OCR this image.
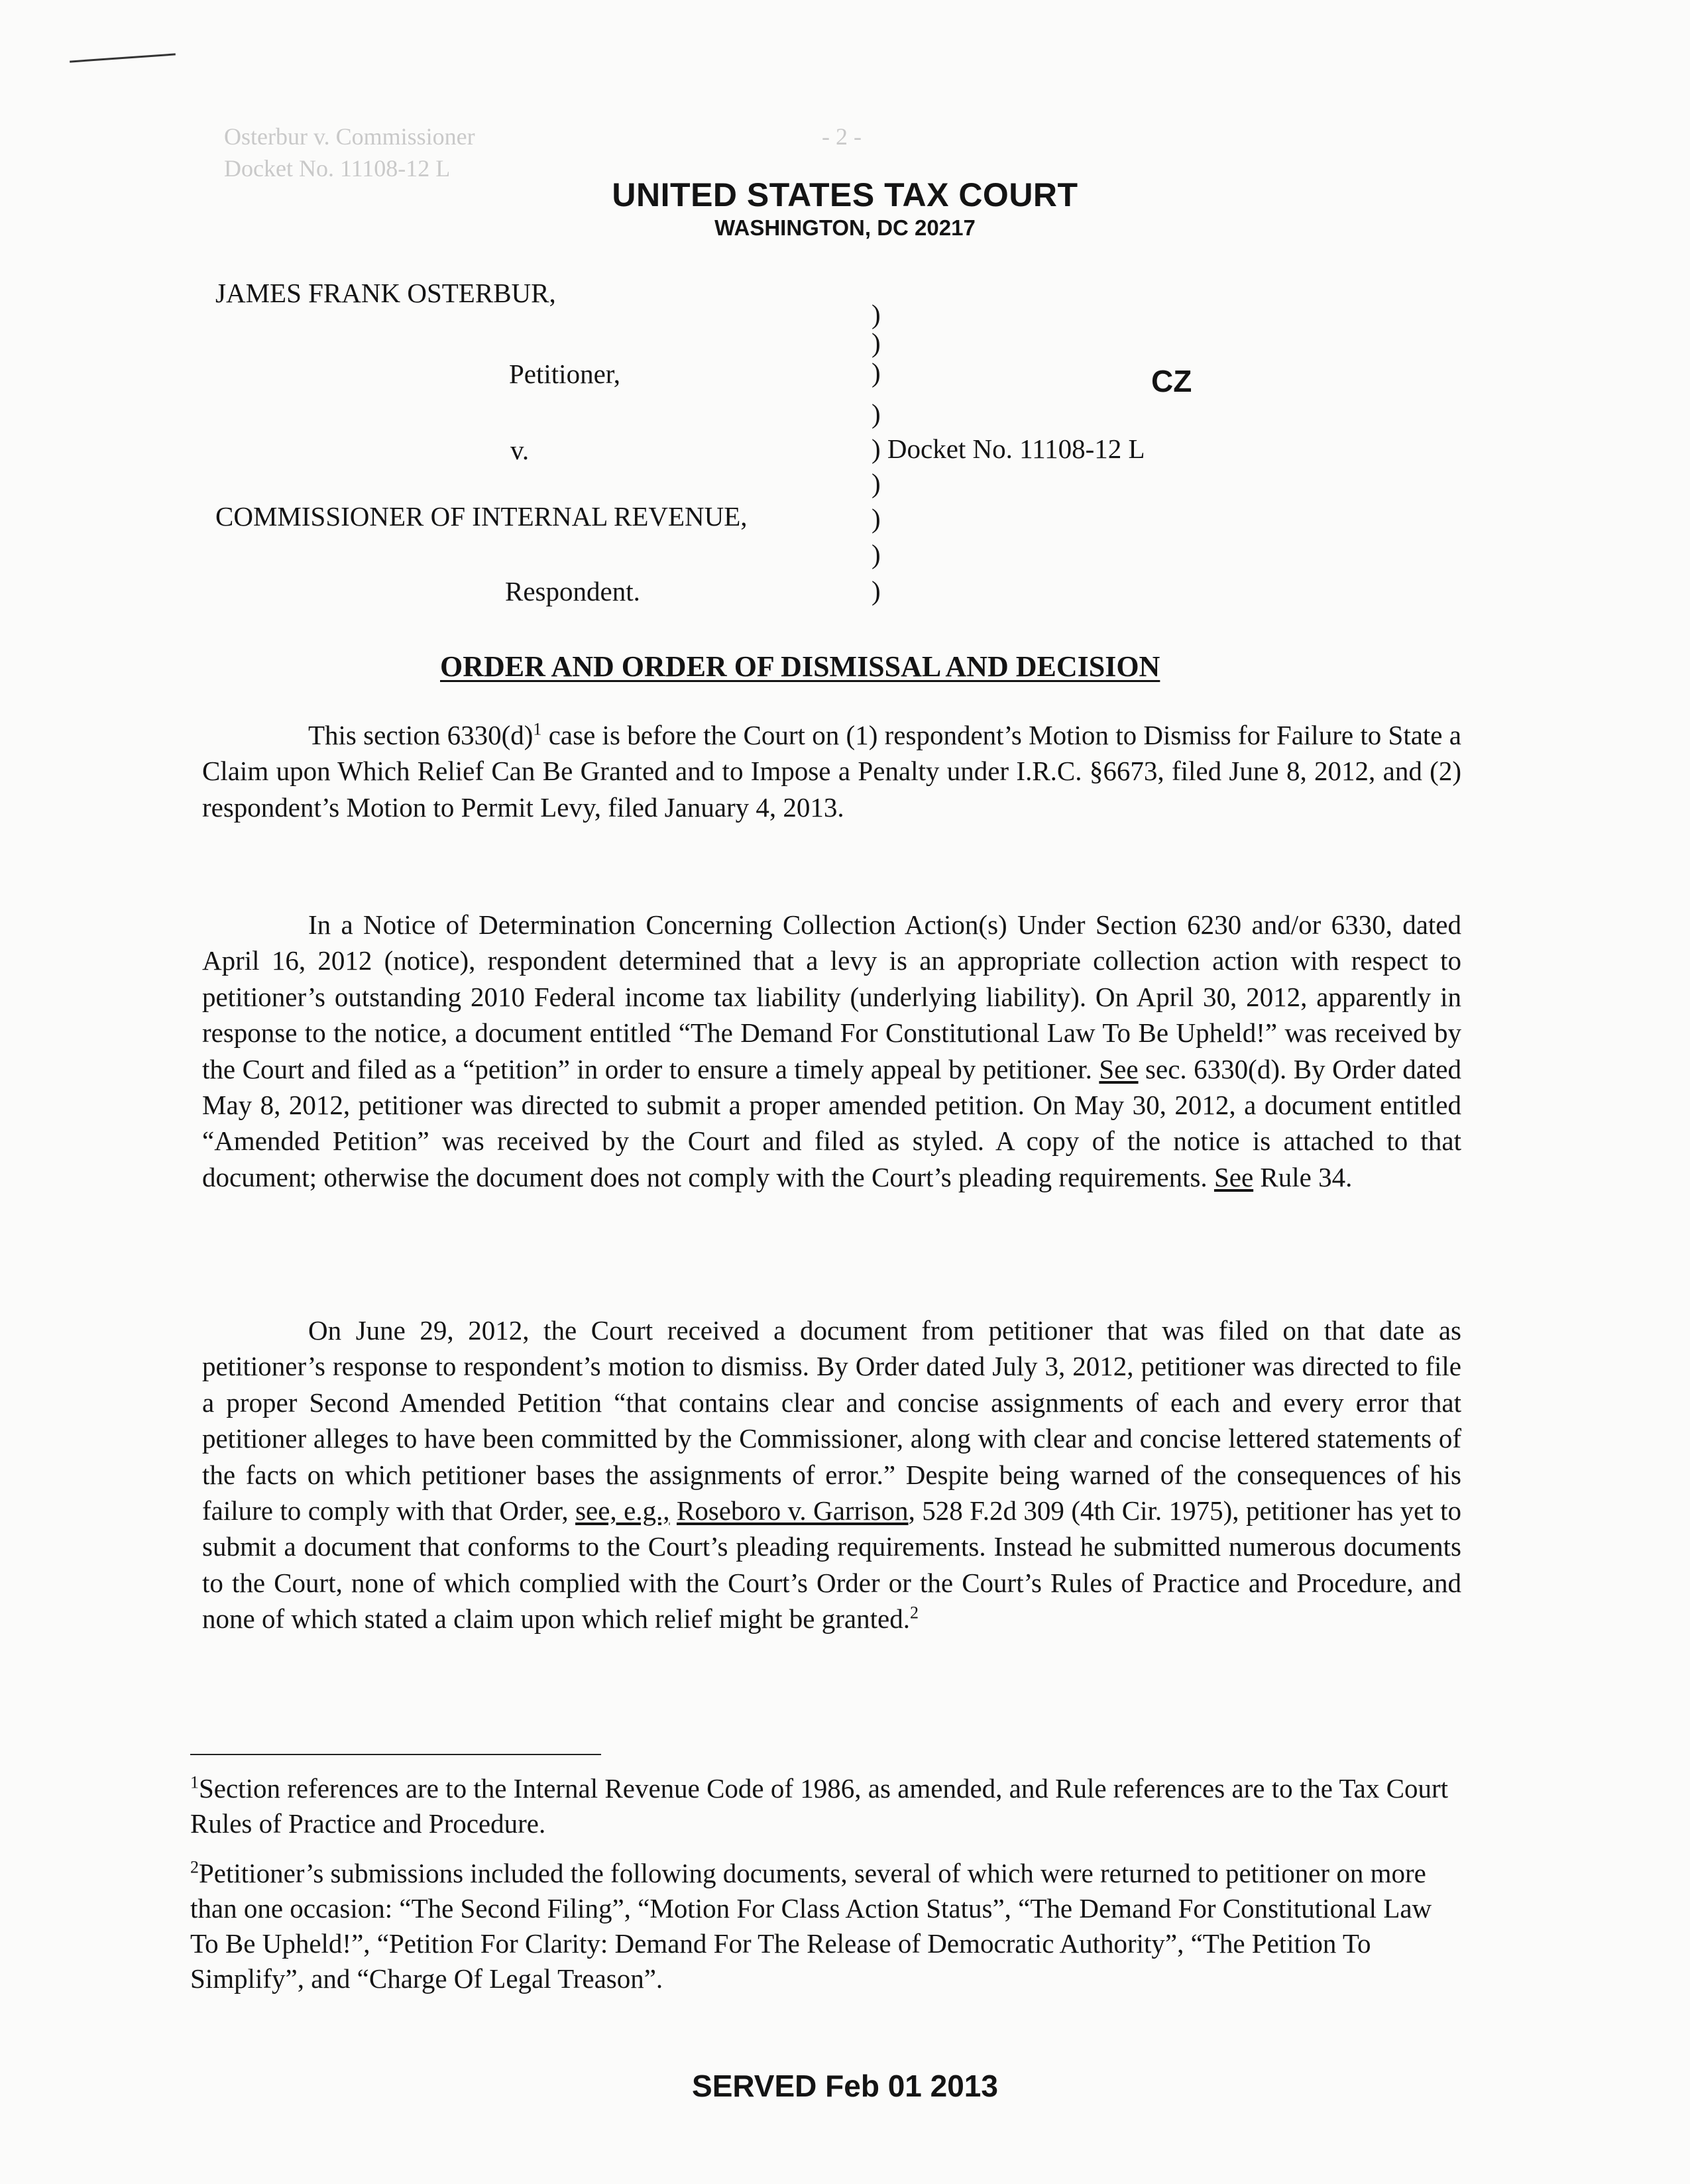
Osterbur v. Commissioner
Docket No. 11108-12 L
- 2 -
UNITED STATES TAX COURT
WASHINGTON, DC 20217
JAMES FRANK OSTERBUR,
Petitioner,
v.
COMMISSIONER OF INTERNAL REVENUE,
Respondent.
)
)
)
)
) Docket No. 11108-12 L
)
)
)
)
CZ
ORDER AND ORDER OF DISMISSAL AND DECISION
This section $6330(d)^1$ case is before the Court on (1) respondent’s Motion to Dismiss for Failure to State a Claim upon Which Relief Can Be Granted and to Impose a Penalty under I.R.C. §6673, filed June 8, 2012, and (2) respondent’s Motion to Permit Levy, filed January 4, 2013.
In a Notice of Determination Concerning Collection Action(s) Under Section 6230 and/or 6330, dated April 16, 2012 (notice), respondent determined that a levy is an appropriate collection action with respect to petitioner’s outstanding 2010 Federal income tax liability (underlying liability). On April 30, 2012, apparently in response to the notice, a document entitled “The Demand For Constitutional Law To Be Upheld!” was received by the Court and filed as a “petition” in order to ensure a timely appeal by petitioner. See sec. 6330(d). By Order dated May 8, 2012, petitioner was directed to submit a proper amended petition. On May 30, 2012, a document entitled “Amended Petition” was received by the Court and filed as styled. A copy of the notice is attached to that document; otherwise the document does not comply with the Court’s pleading requirements. See Rule 34.
On June 29, 2012, the Court received a document from petitioner that was filed on that date as petitioner’s response to respondent’s motion to dismiss. By Order dated July 3, 2012, petitioner was directed to file a proper Second Amended Petition “that contains clear and concise assignments of each and every error that petitioner alleges to have been committed by the Commissioner, along with clear and concise lettered statements of the facts on which petitioner bases the assignments of error.” Despite being warned of the consequences of his failure to comply with that Order, see, e.g., Roseboro v. Garrison, 528 F.2d 309 (4th Cir. 1975), petitioner has yet to submit a document that conforms to the Court’s pleading requirements. Instead he submitted numerous documents to the Court, none of which complied with the Court’s Order or the Court’s Rules of Practice and Procedure, and none of which stated a claim upon which relief might be granted.$^2$
$^1$Section references are to the Internal Revenue Code of 1986, as amended, and Rule references are to the Tax Court Rules of Practice and Procedure.
$^2$Petitioner’s submissions included the following documents, several of which were returned to petitioner on more than one occasion: “The Second Filing”, “Motion For Class Action Status”, “The Demand For Constitutional Law To Be Upheld!”, “Petition For Clarity: Demand For The Release of Democratic Authority”, “The Petition To Simplify”, and “Charge Of Legal Treason”.
SERVED Feb 01 2013
